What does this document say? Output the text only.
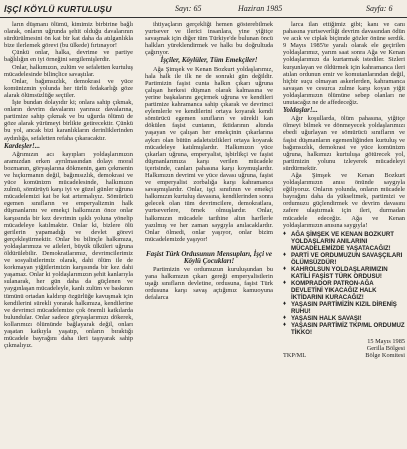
İŞÇİ KÖYLÜ KURTULUŞU	Sayı: 65	Haziran 1985	Sayfa: 6

ların düşmanı ölümü, kimimiz birbirine bağlı olarak, onların uğrunda şehit olduğu davalarının sürdürülmesini ön kat bir kat daha da atılganlıkla bize ilerlemek görevi (bu ülkede) fırtınayor!

Çünkü onlar, halka, devrime ve partiye bağlılığın en iyi örneğini sergilemişlerdir.

Onlar, halkımızın, zulüm ve sefaletten kurtuluş mücadelesinde bilinçlice savaştılar.

Onlar, bağımsızlık, demokrasi ve yüce komünizmin yolunda her türlü fedakarlığı göze alarak ölümsüzlüğe seçtiler.

İşte bundan dolayıdır ki; onlara sahip çıkmak, onların devrim davalarını yarınsız davalarına, partimize sahip çıkmak ve bu uğurda ölümü de göze alarak yürümeyi birlikte getirecektir. Çünkü bu yol, ancak bizi karanlıkların derinliklerinden aydınlığa, sefaletten refaha çıkaracaktır.

Kardeşler!...

Ağrımızın acı kayıpları yoldaşlarımızın aramızdan erken ayrılmasından dolayı moral bozmanın, göryaşlarına dökmenin, gam çekmenin ve hıçkırmanın değil, bağımsızlık, demokrasi ve yüce komünizm mücadelesinde, halkımızın zulmü, sömürüyü karşı iyi ve güzel günler uğruna mücadelemizi kat be kat artırmalıyız. Sömürücü egemen sınıfların ve emperyalizmin halk düşmanlarını ve emekçi halkımızın önce onlar karşısında bir kez devrimin ışıklı yoluna yönelip mücadeleye katılmaktır. Onlar ki, bizlere ölü gerilerin yapamadığı ve devlet görevi gerçekleştirmektir. Onlar bu bilinçle halkımıza, yoldaşlarımıza ve aileleri, büyük ülküleri uğruna öldürülebilir. Demokratlarımız, devrimcilerimiz ve sosyalistlerimiz olarak, dahi ölüm ile de korkmayan yiğitlerimizin karşısında bir kez dahi yaşamaz. Onlar ki yoldaşlarımızın şehit kanlarıyla sulanarak, her gün daha da güçlenen ve yaygınlaşan mücadeleyle, kanlı zulüm ve baskının tümünü ortadan kaldırıp özgürlüğe kavuşmak için kendilerini sürekli yorarak halkımıza, kendilerine ve devrimci mücadelemize çok önemli katkılarda bulundular. Onlar sadece göryaşlarımızı dökerek, kollarımızı ölümünde bağlayarak değil, onları yaşatan katkıyla yaşatıp, onların bıraktığı mücadele bayrağını daha ileri taşıyarak sahip çıkmalıyız.

ihtiyaçların gerçekliği hemen gösterebilmek yurtsever ve ilerici insanlara, yine yiğitçe savaşmak için diğer tüm Türkiye'de bulunan öncü halkları yüreklendirmek ve halkı bu doğrultuda çağırıyor.

İşçiler, Köylüler, Tüm Emekçiler!

Ağa Şimşek ve Kenan Bozkurt yoldaşlarımız, hala halk ile ilk ne de sonraki gün değildir. Partimizin faşist cunta halkın çıkarı uğruna çalışan herkesi düşman olarak kalmasına ve yerine başkalarını geçirmek uğruna ve kendileri partimize kahramanca sahip çıkarak ve devrimci eylemlerle ve kendilerini ortaya koyarak kendi sömürücü egemen sınıfların ve sürekli kan dökülen faşist cuntanın, iktidarının altında yaşayan ve çalışan her emekçinin çıkarlarına aykırı olan bütün adaletsizlikleri ortaya koyarak mücadeleye katılmışlardır. Halkımızın yüce çıkarları uğruna, emperyalist, işbirlikçi ve faşist düşmanlarımıza karşı verilen mücadele içerisinde, canları pahasına karşı koymuşlardır. Halkımızın devrimi ve yüce davası uğruna, faşist ve emperyalist zorbalığa karşı kahramanca savaşmışlardır. Onlar, işçi sınıfının ve emekçi halkımızın kurtuluş davasına, kendilerinden sonra gelecek olan tüm devrimcilere, demokratlara, yurtseverlere, örnek olmuşlardır. Onlar, halkımızın mücadele tarihine altın harflerle yazılmış ve her zaman saygıyla anılacaklardır. Onlar ölmedi, onlar yaşıyor, onlar bizim mücadelemizde yaşıyor!

Faşist Türk Ordusunun Mensupları, İşçi ve Köylü Çocukları!

Partimizin ve ordumuzun kuruluşundan bu yana halkımızın çıkarı gereği emperyalistlerin uşağı sınıfların devletine, ordusuna, faşist Türk ordusuna karşı savaş açtığımız kamuoyuna defalarca

larca ilan ettiğimiz gibi; kanı ve canı pahasına yurtseverliği devrim davasından ödün ve acık ve ciplak biçimde gözler önüne serdik. 9 Mayıs 1985'te yaralı olarak ele geçirilen yoldaşlarımız, yarım saat sonra Ağa ve Kenan yoldaşlarımızı da kurtarmak istediler. Sizleri kurşunlayan ve öldürmek için kahramanca ileri atılan ordunun emir ve komutanlarından değil, hiçbir suçu olmayan askerlerden, kahramanca savaşan ve cesurca zulme karşı koyan yiğit yoldaşlarımızın ölümüne sebep olanları ne unutacağız ne de affedeceğiz.

Yoldaşlar!...

Ağır koşullarda, ölüm pahasına, yiğitçe ölmeyi bilmek ve dönmeyecek yoldaşlarımızı ebedi uğurlayan ve sömürücü sınıfların ve faşist düşmanların egemenliğinden kurtuluş ve bağımsızlık, demokrasi ve yüce komünizm uğruna, halkımızı kurtuluşa götürecek yol, partimizin yolunu izleyerek mücadeleyi sürdürmektir.

Ağa Şimşek ve Kenan Bozkurt yoldaşlarımızın anısı önünde saygıyla eğiliyoruz. Onların yolunda, onların mücadele bayrağını daha da yükseltmek, partimizi ve ordumuzu güçlendirmek ve devrim davasını zafere ulaştırmak için ileri, durmadan mücadele edeceğiz. Ağa ve Kenan yoldaşlarımızın anısına saygıyla!

♦ AĞA ŞİMŞEK VE KENAN BOZKURT YOLDAŞLARIN ANILARINI MÜCADELEMİZDE YAŞATACAĞIZ!
♦ PARTİ VE ORDUMUZUN SAVAŞÇILARI ÖLÜMSÜZDÜR!
♦ KAHROLSUN YOLDAŞLARIMIZIN KATİLİ FAŞİST TÜRK ORDUSU!
♦ KOMPRADOR PATRON-AĞA DEVLETİNİ YIKACAĞIZ HALK İKTİDARINI KURACAĞIZ!
♦ YAŞASIN PARTİMİZİN KIZIL DİRENİŞ RUHU!
♦ YAŞASIN HALK SAVAŞI!
♦ YAŞASIN PARTİMİZ TKP/ML ORDUMUZ TİKKO!
15 Mayıs 1985
Gerilla Bölgesi
TKP/ML	Bölge Komitesi
